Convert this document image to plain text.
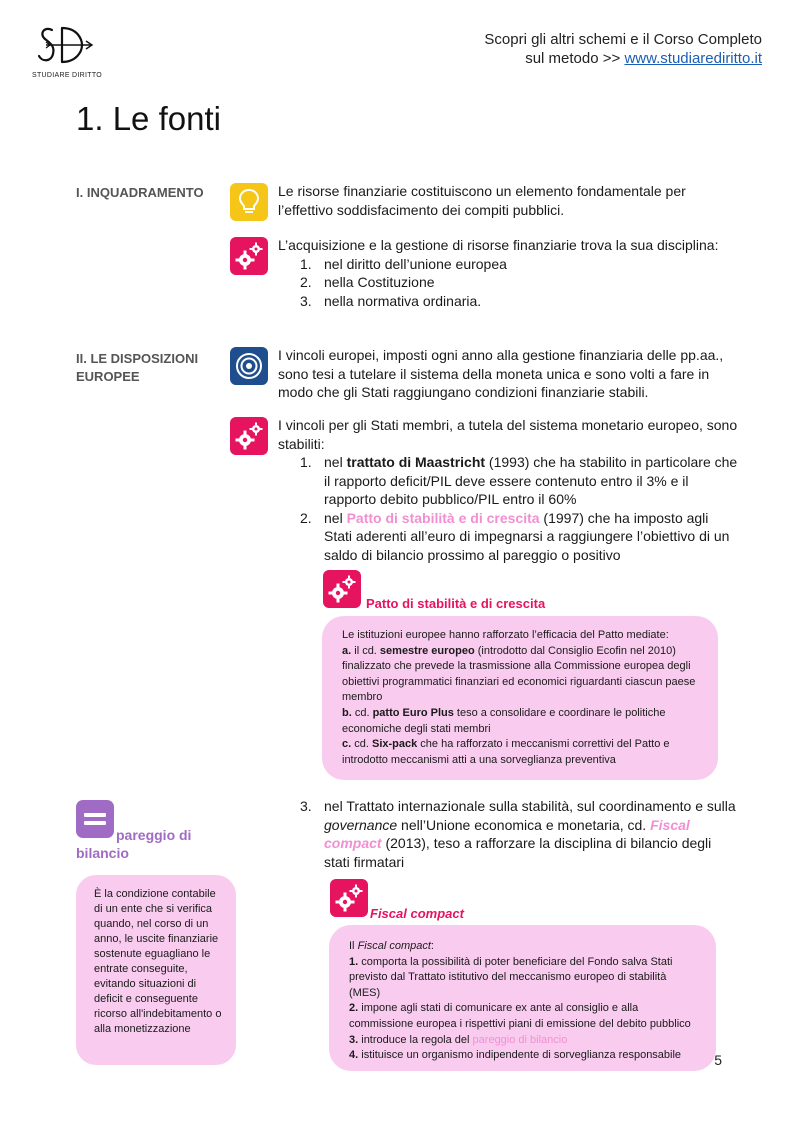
STUDIARE DIRITTO
Scopri gli altri schemi e il Corso Completo
sul metodo >> www.studiarediritto.it
1. Le fonti
I. INQUADRAMENTO	Le risorse finanziarie costituiscono un elemento fondamentale per l’effettivo soddisfacimento dei compiti pubblici.
L’acquisizione e la gestione di risorse finanziarie trova la sua disciplina:
1. nel diritto dell’unione europea
2. nella Costituzione
3. nella normativa ordinaria.
II. LE DISPOSIZIONI
EUROPEE
I vincoli europei, imposti ogni anno alla gestione finanziaria delle pp.aa., sono tesi a tutelare il sistema della moneta unica e sono volti a fare in modo che gli Stati raggiungano condizioni finanziarie stabili.
I vincoli per gli Stati membri, a tutela del sistema monetario europeo, sono stabiliti:
1. nel trattato di Maastricht (1993) che ha stabilito in particolare che il rapporto deficit/PIL deve essere contenuto entro il 3% e il rapporto debito pubblico/PIL entro il 60%
2. nel Patto di stabilità e di crescita (1997) che ha imposto agli Stati aderenti all’euro di impegnarsi a raggiungere l’obiettivo di un saldo di bilancio prossimo al pareggio o positivo
Patto di stabilità e di crescita
Le istituzioni europee hanno rafforzato l’efficacia del Patto mediate:
a. il cd. semestre europeo (introdotto dal Consiglio Ecofin nel 2010) finalizzato che prevede la trasmissione alla Commissione europea degli obiettivi programmatici finanziari ed economici riguardanti ciascun paese membro
b. cd. patto Euro Plus teso a consolidare e coordinare le politiche economiche degli stati membri
c. cd. Six-pack che ha rafforzato i meccanismi correttivi del Patto e introdotto meccanismi atti a una sorveglianza preventiva
3. nel Trattato internazionale sulla stabilità, sul coordinamento e sulla governance nell’Unione economica e monetaria, cd. Fiscal compact (2013), teso a rafforzare la disciplina di bilancio degli stati firmatari
Fiscal compact
Il Fiscal compact:
1. comporta la possibilità di poter beneficiare del Fondo salva Stati previsto dal Trattato istitutivo del meccanismo europeo di stabilità (MES)
2. impone agli stati di comunicare ex ante al consiglio e alla commissione europea i rispettivi piani di emissione del debito pubblico
3. introduce la regola del pareggio di bilancio
4. istituisce un organismo indipendente di sorveglianza responsabile
pareggio di
bilancio
È la condizione contabile di un ente che si verifica quando, nel corso di un anno, le uscite finanziarie sostenute eguagliano le entrate conseguite, evitando situazioni di deficit e conseguente ricorso all'indebitamento o alla monetizzazione
5
